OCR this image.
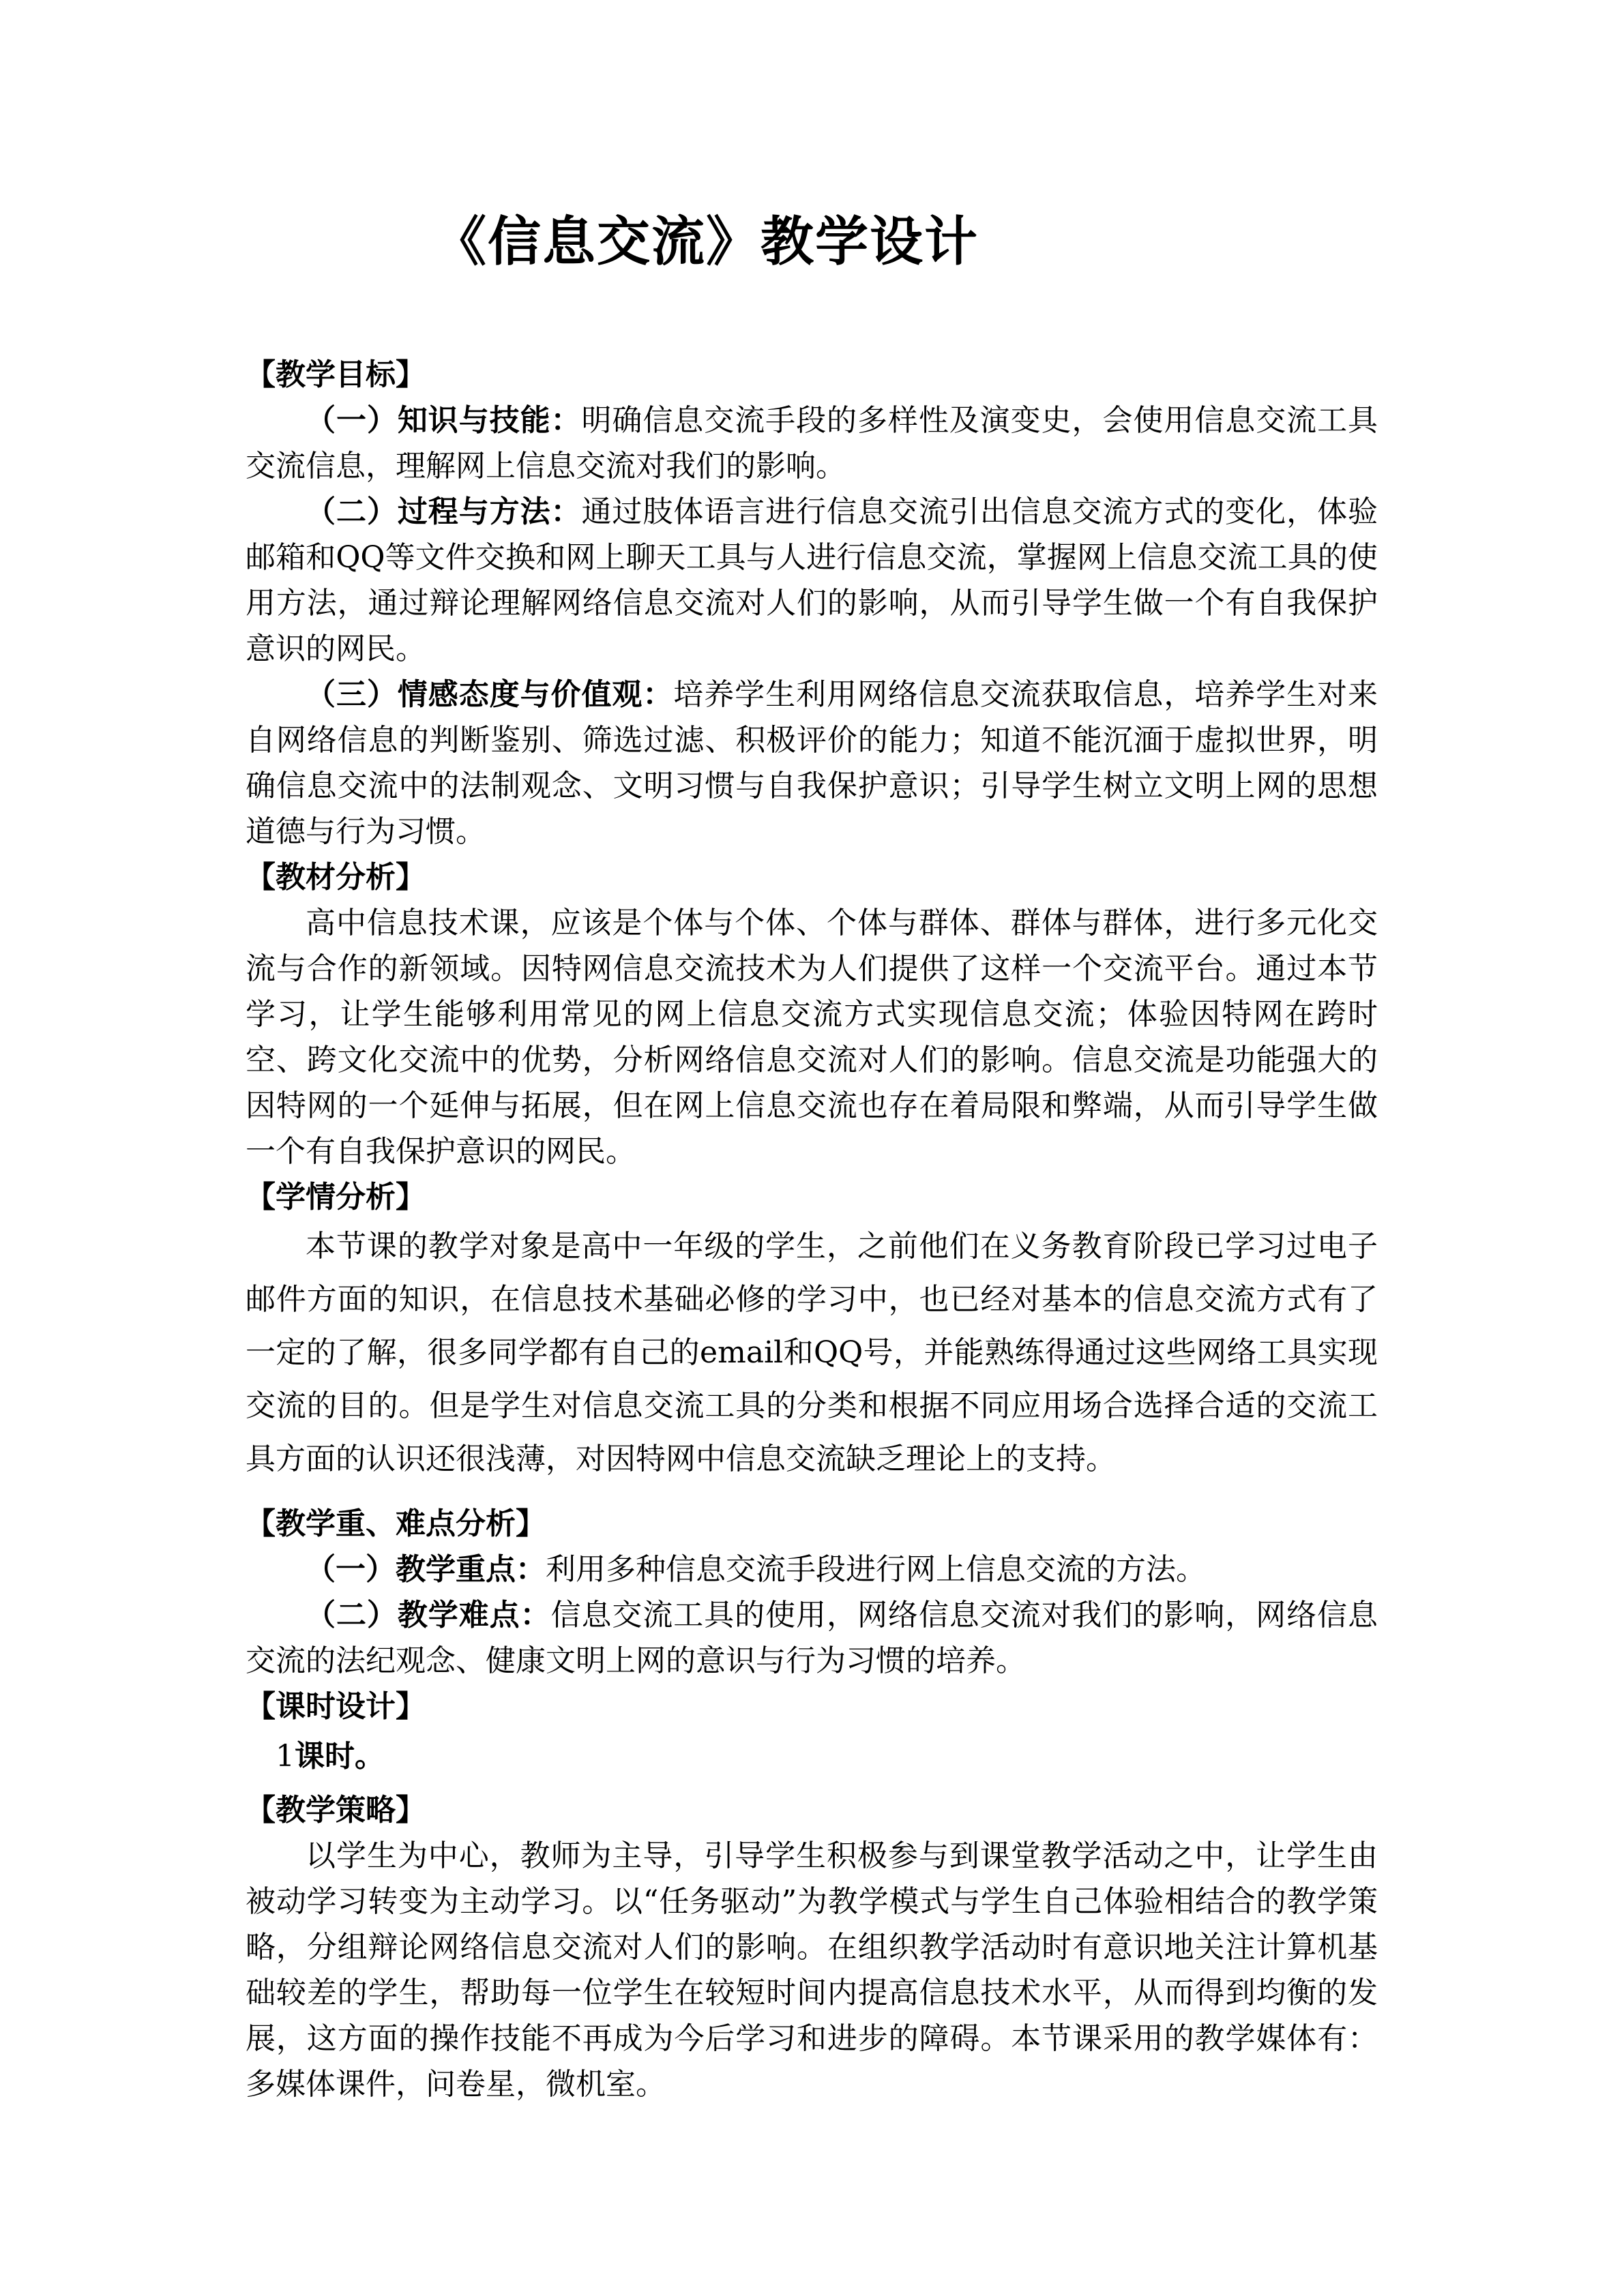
《信息交流》教学设计
【教学目标】

（一）知识与技能：明确信息交流手段的多样性及演变史，会使用信息交流工具交流信息，理解网上信息交流对我们的影响。

（二）过程与方法：通过肢体语言进行信息交流引出信息交流方式的变化，体验邮箱和QQ等文件交换和网上聊天工具与人进行信息交流，掌握网上信息交流工具的使用方法，通过辩论理解网络信息交流对人们的影响，从而引导学生做一个有自我保护意识的网民。

（三）情感态度与价值观：培养学生利用网络信息交流获取信息，培养学生对来自网络信息的判断鉴别、筛选过滤、积极评价的能力；知道不能沉湎于虚拟世界，明确信息交流中的法制观念、文明习惯与自我保护意识；引导学生树立文明上网的思想道德与行为习惯。

【教材分析】

高中信息技术课，应该是个体与个体、个体与群体、群体与群体，进行多元化交流与合作的新领域。因特网信息交流技术为人们提供了这样一个交流平台。通过本节学习，让学生能够利用常见的网上信息交流方式实现信息交流；体验因特网在跨时空、跨文化交流中的优势，分析网络信息交流对人们的影响。信息交流是功能强大的因特网的一个延伸与拓展，但在网上信息交流也存在着局限和弊端，从而引导学生做一个有自我保护意识的网民。

【学情分析】

本节课的教学对象是高中一年级的学生，之前他们在义务教育阶段已学习过电子邮件方面的知识，在信息技术基础必修的学习中，也已经对基本的信息交流方式有了一定的了解，很多同学都有自己的email和QQ号，并能熟练得通过这些网络工具实现交流的目的。但是学生对信息交流工具的分类和根据不同应用场合选择合适的交流工具方面的认识还很浅薄，对因特网中信息交流缺乏理论上的支持。

【教学重、难点分析】

（一）教学重点：利用多种信息交流手段进行网上信息交流的方法。

（二）教学难点：信息交流工具的使用，网络信息交流对我们的影响，网络信息交流的法纪观念、健康文明上网的意识与行为习惯的培养。

【课时设计】
1课时。
【教学策略】

以学生为中心，教师为主导，引导学生积极参与到课堂教学活动之中，让学生由被动学习转变为主动学习。以“任务驱动”为教学模式与学生自己体验相结合的教学策略，分组辩论网络信息交流对人们的影响。在组织教学活动时有意识地关注计算机基础较差的学生，帮助每一位学生在较短时间内提高信息技术水平，从而得到均衡的发展，这方面的操作技能不再成为今后学习和进步的障碍。本节课采用的教学媒体有：多媒体课件，问卷星，微机室。
